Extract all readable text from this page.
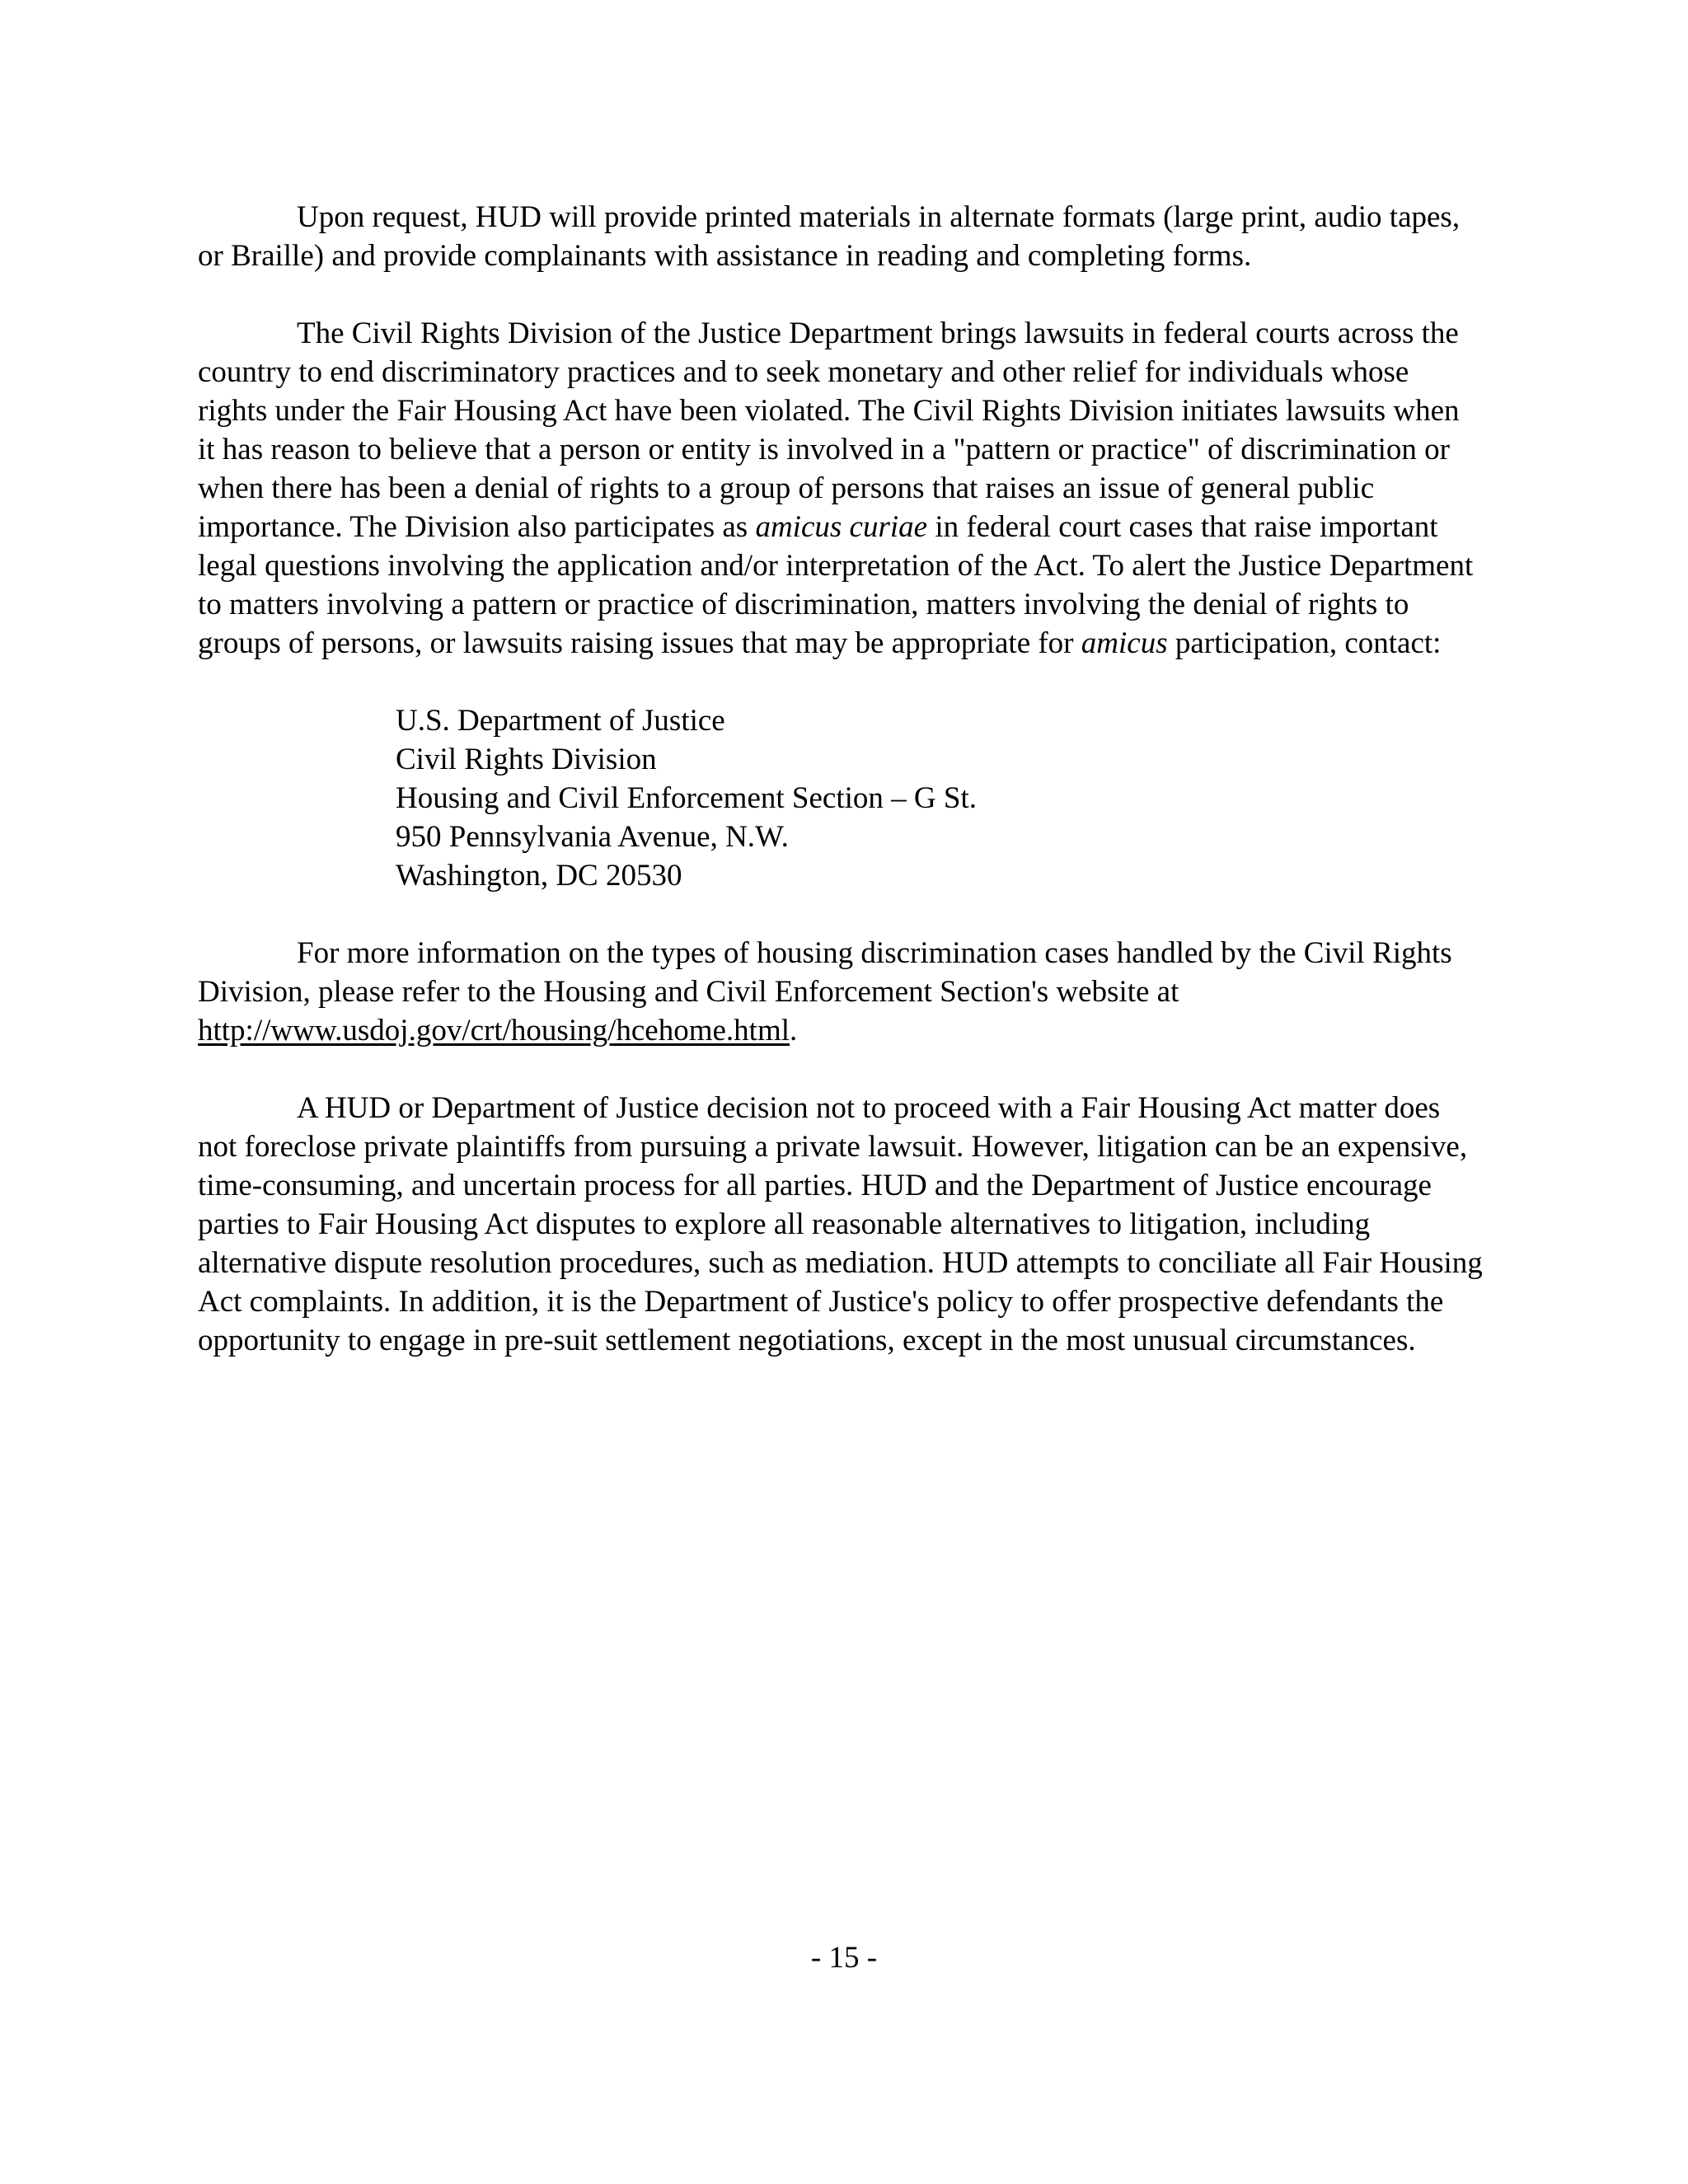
Upon request, HUD will provide printed materials in alternate formats (large print, audio tapes, or Braille) and provide complainants with assistance in reading and completing forms.

The Civil Rights Division of the Justice Department brings lawsuits in federal courts across the country to end discriminatory practices and to seek monetary and other relief for individuals whose rights under the Fair Housing Act have been violated. The Civil Rights Division initiates lawsuits when it has reason to believe that a person or entity is involved in a "pattern or practice" of discrimination or when there has been a denial of rights to a group of persons that raises an issue of general public importance. The Division also participates as amicus curiae in federal court cases that raise important legal questions involving the application and/or interpretation of the Act. To alert the Justice Department to matters involving a pattern or practice of discrimination, matters involving the denial of rights to groups of persons, or lawsuits raising issues that may be appropriate for amicus participation, contact:

U.S. Department of Justice
Civil Rights Division
Housing and Civil Enforcement Section – G St.
950 Pennsylvania Avenue, N.W.
Washington, DC 20530

For more information on the types of housing discrimination cases handled by the Civil Rights Division, please refer to the Housing and Civil Enforcement Section's website at http://www.usdoj.gov/crt/housing/hcehome.html.

A HUD or Department of Justice decision not to proceed with a Fair Housing Act matter does not foreclose private plaintiffs from pursuing a private lawsuit. However, litigation can be an expensive, time-consuming, and uncertain process for all parties. HUD and the Department of Justice encourage parties to Fair Housing Act disputes to explore all reasonable alternatives to litigation, including alternative dispute resolution procedures, such as mediation. HUD attempts to conciliate all Fair Housing Act complaints. In addition, it is the Department of Justice's policy to offer prospective defendants the opportunity to engage in pre-suit settlement negotiations, except in the most unusual circumstances.

- 15 -
